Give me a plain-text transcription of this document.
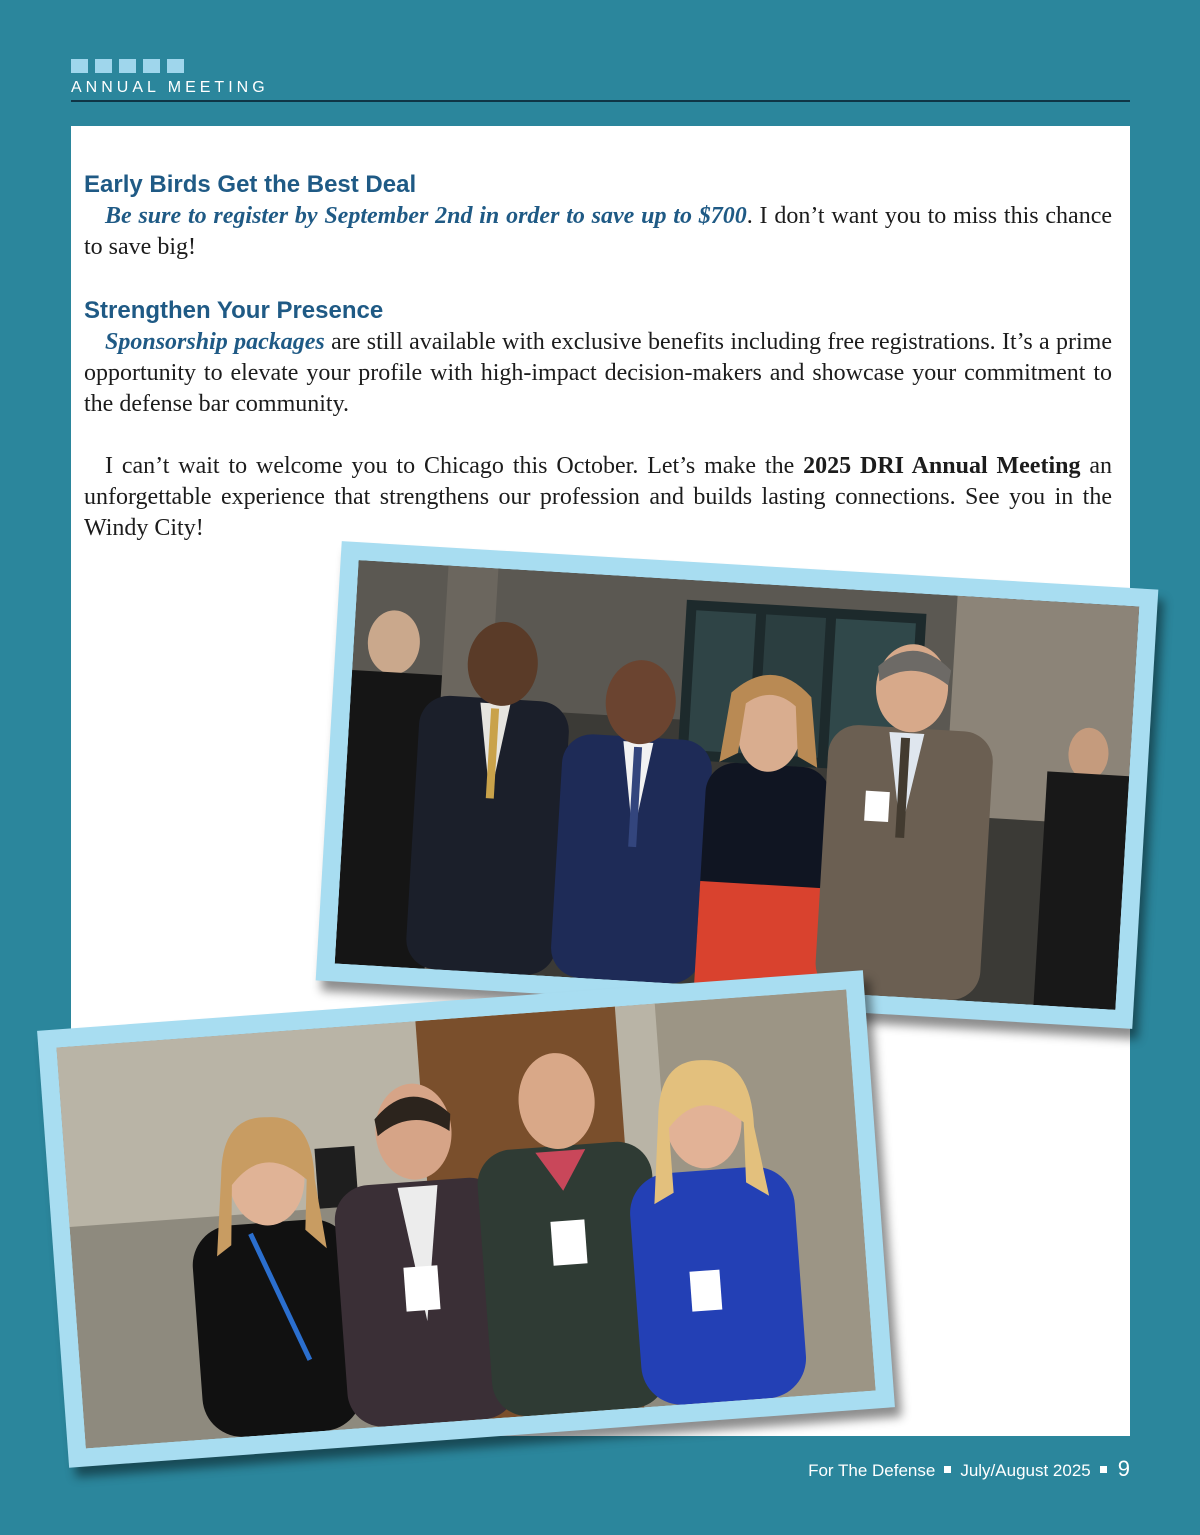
ANNUAL MEETING
Early Birds Get the Best Deal

Be sure to register by September 2nd in order to save up to $700. I don’t want you to miss this chance to save big!

Strengthen Your Presence

Sponsorship packages are still available with exclusive benefits including free registrations. It’s a prime opportunity to elevate your profile with high-impact decision-makers and showcase your commitment to the defense bar community.

I can’t wait to welcome you to Chicago this October. Let’s make the 2025 DRI Annual Meeting an unforgettable experience that strengthens our profession and builds lasting connections. See you in the Windy City!

For The Defense July/August 2025 9
